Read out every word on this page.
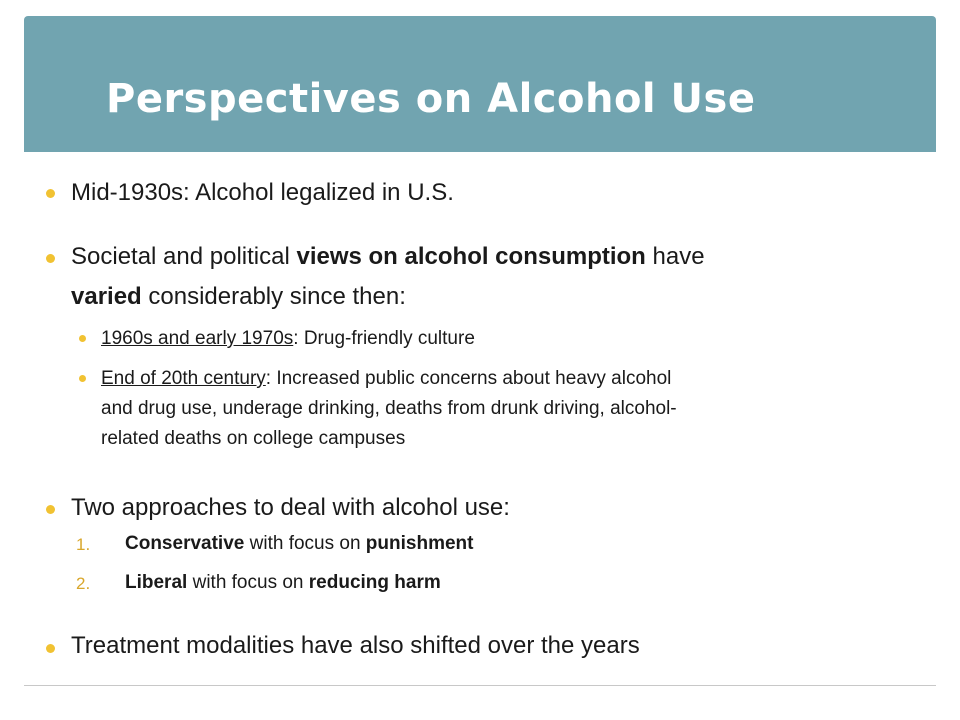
Perspectives on Alcohol Use
Mid-1930s: Alcohol legalized in U.S.
Societal and political views on alcohol consumption have
varied considerably since then:
1960s and early 1970s: Drug-friendly culture
End of 20th century: Increased public concerns about heavy alcohol
and drug use, underage drinking, deaths from drunk driving, alcohol-
related deaths on college campuses
Two approaches to deal with alcohol use:
1. Conservative with focus on punishment
2. Liberal with focus on reducing harm
Treatment modalities have also shifted over the years
